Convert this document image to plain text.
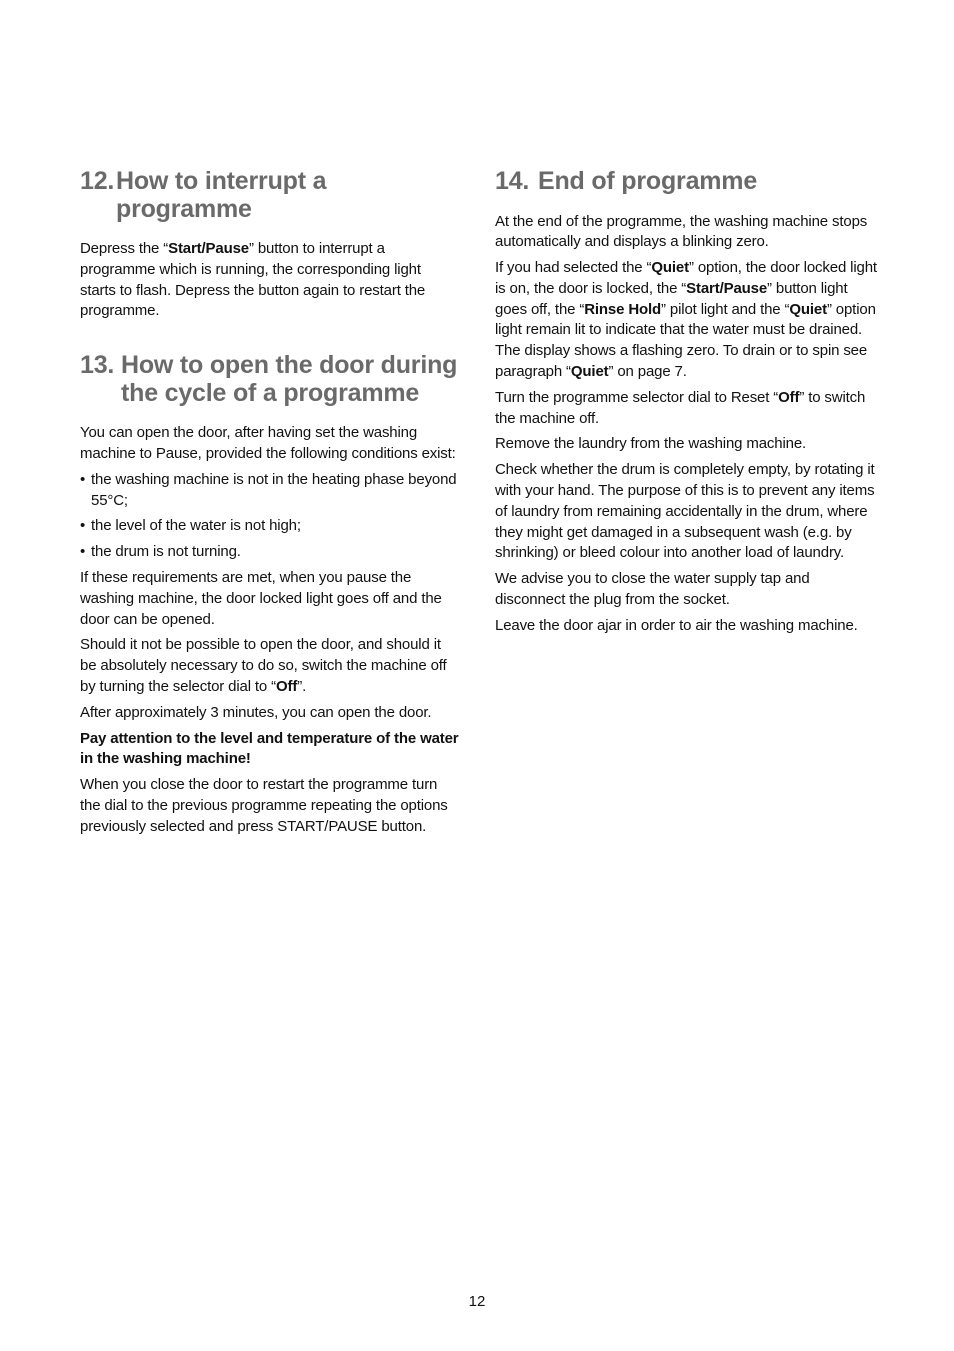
12. How to interrupt a programme

Depress the “Start/Pause” button to interrupt a programme which is running, the corresponding light starts to flash. Depress the button again to restart the programme.

13. How to open the door during the cycle of a programme

You can open the door, after having set the washing machine to Pause, provided the following conditions exist:

• the washing machine is not in the heating phase beyond 55°C;

• the level of the water is not high;

• the drum is not turning.

If these requirements are met, when you pause the washing machine, the door locked light goes off and the door can be opened.

Should it not be possible to open the door, and should it be absolutely necessary to do so, switch the machine off by turning the selector dial to “Off”.

After approximately 3 minutes, you can open the door.

Pay attention to the level and temperature of the water in the washing machine!

When you close the door to restart the programme turn the dial to the previous programme repeating the options previously selected and press START/PAUSE button.

14. End of programme

At the end of the programme, the washing machine stops automatically and displays a blinking zero.

If you had selected the “Quiet” option, the door locked light is on, the door is locked, the “Start/Pause” button light goes off, the “Rinse Hold” pilot light and the “Quiet” option light remain lit to indicate that the water must be drained.
The display shows a flashing zero. To drain or to spin see paragraph “Quiet” on page 7.

Turn the programme selector dial to Reset “Off” to switch the machine off.

Remove the laundry from the washing machine.

Check whether the drum is completely empty, by rotating it with your hand. The purpose of this is to prevent any items of laundry from remaining accidentally in the drum, where they might get damaged in a subsequent wash (e.g. by shrinking) or bleed colour into another load of laundry.

We advise you to close the water supply tap and disconnect the plug from the socket.

Leave the door ajar in order to air the washing machine.

12
